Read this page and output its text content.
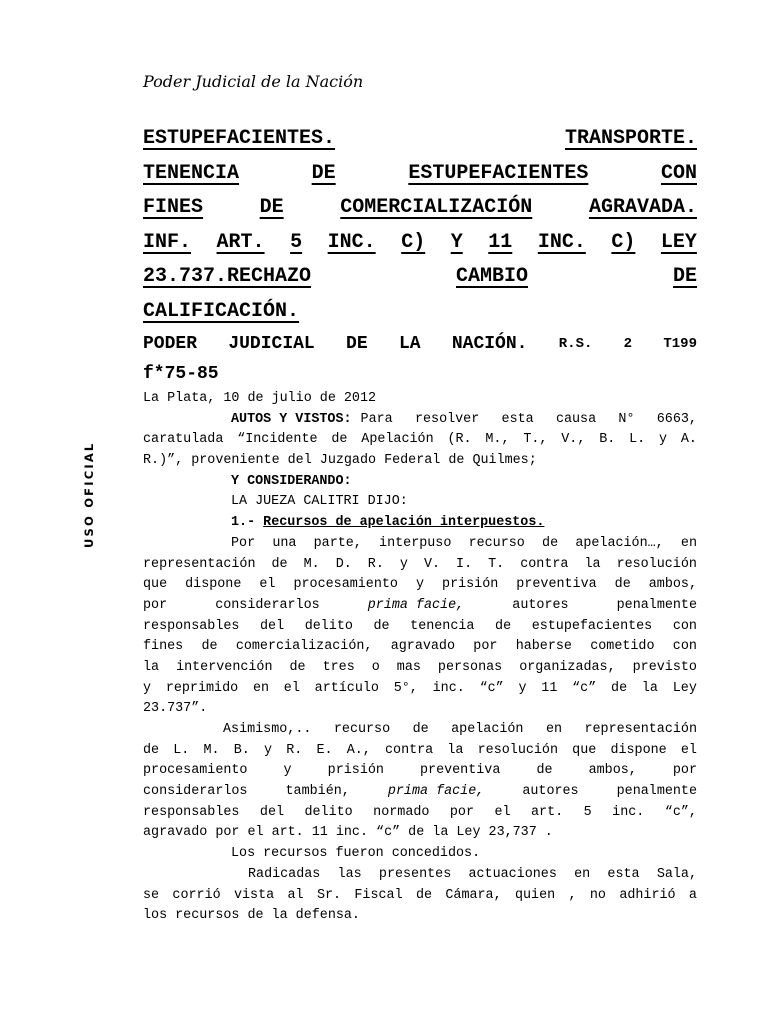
Poder Judicial de la Nación
USO OFICIAL
ESTUPEFACIENTES.	TRANSPORTE.
TENENCIA	DE	ESTUPEFACIENTES	CON
FINES	DE	COMERCIALIZACIÓN	AGRAVADA.
INF. ART. 5 INC. C) Y 11 INC. C) LEY
23.737.RECHAZO	CAMBIO	DE
CALIFICACIÓN.
PODER JUDICIAL DE LA NACIÓN. R.S. 2 T199
f*75-85
La Plata, 10 de julio de 2012
AUTOS Y VISTOS: Para resolver esta causa N° 6663,
caratulada “Incidente de Apelación (R. M., T., V., B. L. y A.
R.)”, proveniente del Juzgado Federal de Quilmes;
Y CONSIDERANDO:
LA JUEZA CALITRI DIJO:
1.- Recursos de apelación interpuestos.
Por una parte, interpuso recurso de apelación…, en
representación de M. D. R. y V. I. T. contra la resolución
que dispone el procesamiento y prisión preventiva de ambos,
por	considerarlos	prima facie,	autores	penalmente
responsables del delito de tenencia de estupefacientes con
fines de comercialización, agravado por haberse cometido con
la intervención de tres o mas personas organizadas, previsto
y reprimido en el artículo 5°, inc. “c” y 11 “c” de la Ley
23.737”.
Asimismo,.. recurso de apelación en representación
de L. M. B. y R. E. A., contra la resolución que dispone el
procesamiento	y	prisión	preventiva	de	ambos,	por
considerarlos	también,	prima facie,	autores	penalmente
responsables del delito normado por el art. 5 inc. “c”,
agravado por el art. 11 inc. “c” de la Ley 23,737 .
Los recursos fueron concedidos.
Radicadas las presentes actuaciones en esta Sala,
se corrió vista al Sr. Fiscal de Cámara, quien , no adhirió a
los recursos de la defensa.
